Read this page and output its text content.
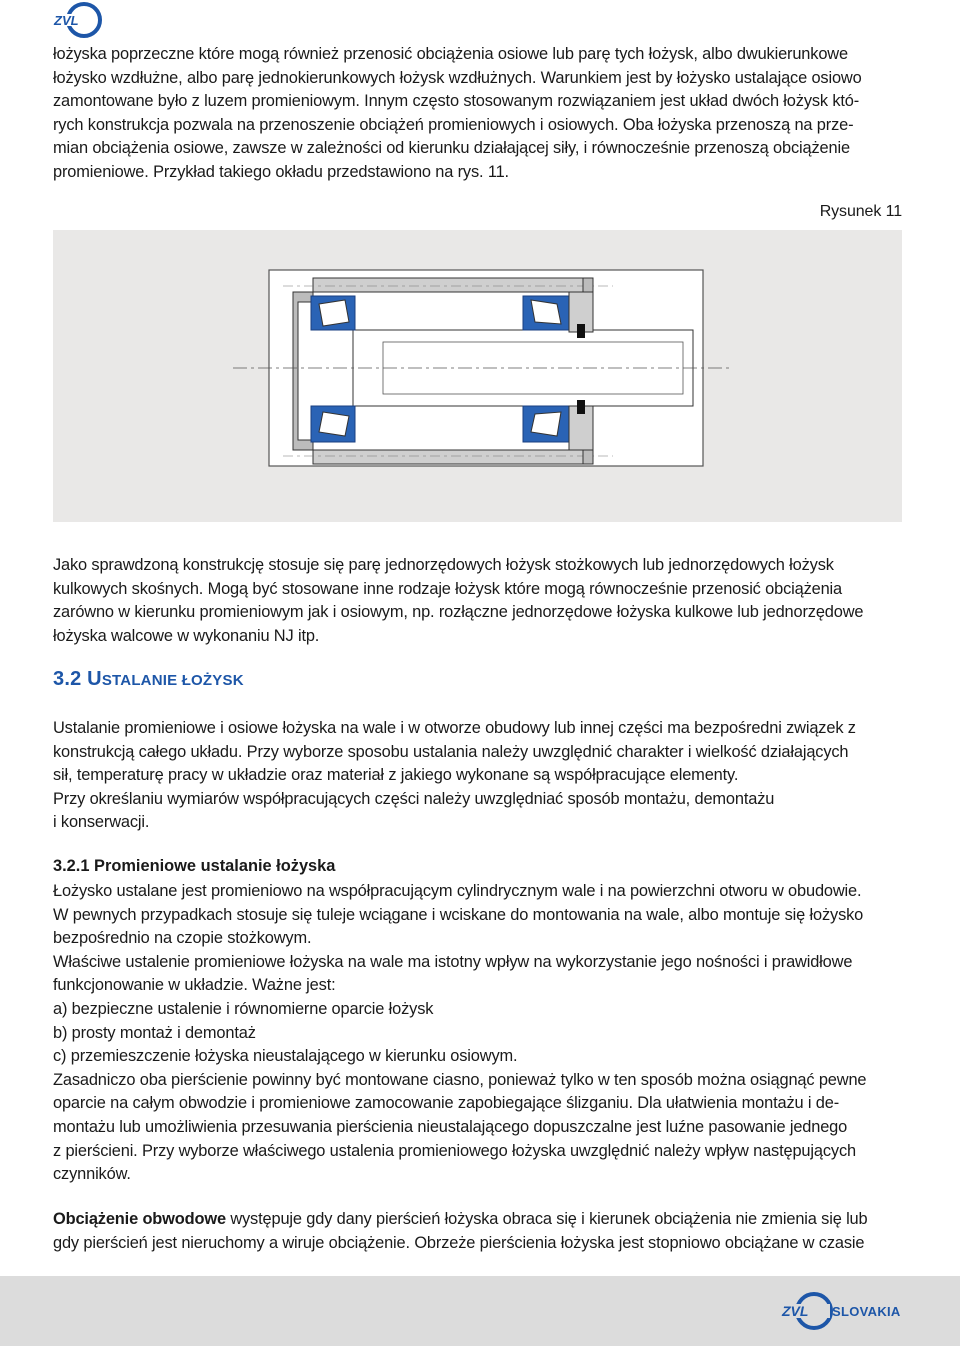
ZVL
łożyska poprzeczne które mogą również przenosić obciążenia osiowe lub parę tych łożysk, albo dwukierunkowe
łożysko wzdłużne, albo parę jednokierunkowych łożysk wzdłużnych. Warunkiem jest by łożysko ustalające osiowo
zamontowane było z luzem promieniowym. Innym często stosowanym rozwiązaniem jest układ dwóch łożysk któ-
rych konstrukcja pozwala na przenoszenie obciążeń promieniowych i osiowych. Oba łożyska przenoszą na prze-
mian obciążenia osiowe, zawsze w zależności od kierunku działającej siły, i równocześnie przenoszą obciążenie
promieniowe. Przykład takiego okładu przedstawiono na rys. 11.
Rysunek 11
Jako sprawdzoną konstrukcję stosuje się parę jednorzędowych łożysk stożkowych lub jednorzędowych łożysk
kulkowych skośnych. Mogą być stosowane inne rodzaje łożysk które mogą równocześnie przenosić obciążenia
zarówno w kierunku promieniowym jak i osiowym, np. rozłączne jednorzędowe łożyska kulkowe lub jednorzędowe
łożyska walcowe w wykonaniu NJ itp.
3.2 USTALANIE ŁOŻYSK
Ustalanie promieniowe i osiowe łożyska na wale i w otworze obudowy lub innej części ma bezpośredni związek z
konstrukcją całego układu. Przy wyborze sposobu ustalania należy uwzględnić charakter i wielkość działających
sił, temperaturę pracy w układzie oraz materiał z jakiego wykonane są współpracujące elementy.
Przy określaniu wymiarów współpracujących części należy uwzględniać sposób montażu, demontażu
i konserwacji.
3.2.1 Promieniowe ustalanie łożyska
Łożysko ustalane jest promieniowo na współpracującym cylindrycznym wale i na powierzchni otworu w obudowie.
W pewnych przypadkach stosuje się tuleje wciągane i wciskane do montowania na wale, albo montuje się łożysko
bezpośrednio na czopie stożkowym.
Właściwe ustalenie promieniowe łożyska na wale ma istotny wpływ na wykorzystanie jego nośności i prawidłowe
funkcjonowanie w układzie. Ważne jest:
a) bezpieczne ustalenie i równomierne oparcie łożysk
b) prosty montaż i demontaż
c) przemieszczenie łożyska nieustalającego w kierunku osiowym.
Zasadniczo oba pierścienie powinny być montowane ciasno, ponieważ tylko w ten sposób można osiągnąć pewne
oparcie na całym obwodzie i promieniowe zamocowanie zapobiegające ślizganiu. Dla ułatwienia montażu i de-
montażu lub umożliwienia przesuwania pierścienia nieustalającego dopuszczalne jest luźne pasowanie jednego
z pierścieni. Przy wyborze właściwego ustalenia promieniowego łożyska uwzględnić należy wpływ następujących
czynników.
Obciążenie obwodowe występuje gdy dany pierścień łożyska obraca się i kierunek obciążenia nie zmienia się lub
gdy pierścień jest nieruchomy a wiruje obciążenie. Obrzeże pierścienia łożyska jest stopniowo obciążane w czasie
ZVL SLOVAKIA
